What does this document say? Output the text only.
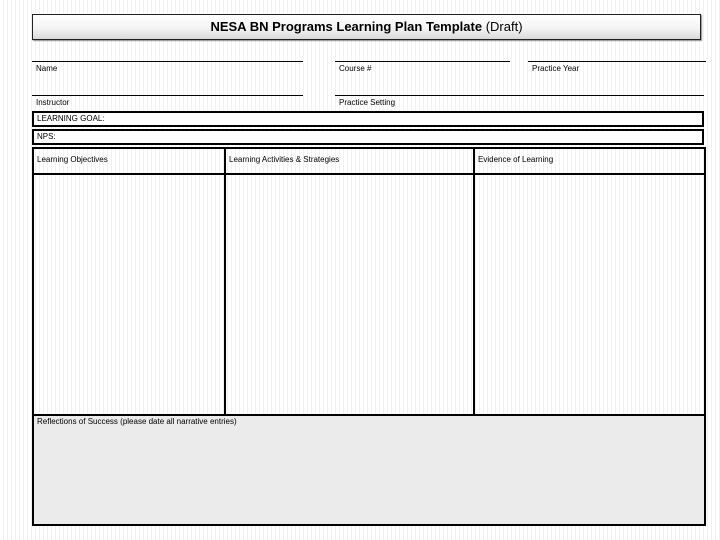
NESA BN Programs Learning Plan Template (Draft)
Name	Course #	Practice Year
Instructor	Practice Setting
LEARNING GOAL:
NPS:
Learning Objectives	Learning Activities & Strategies	Evidence of Learning
Reflections of Success (please date all narrative entries)
